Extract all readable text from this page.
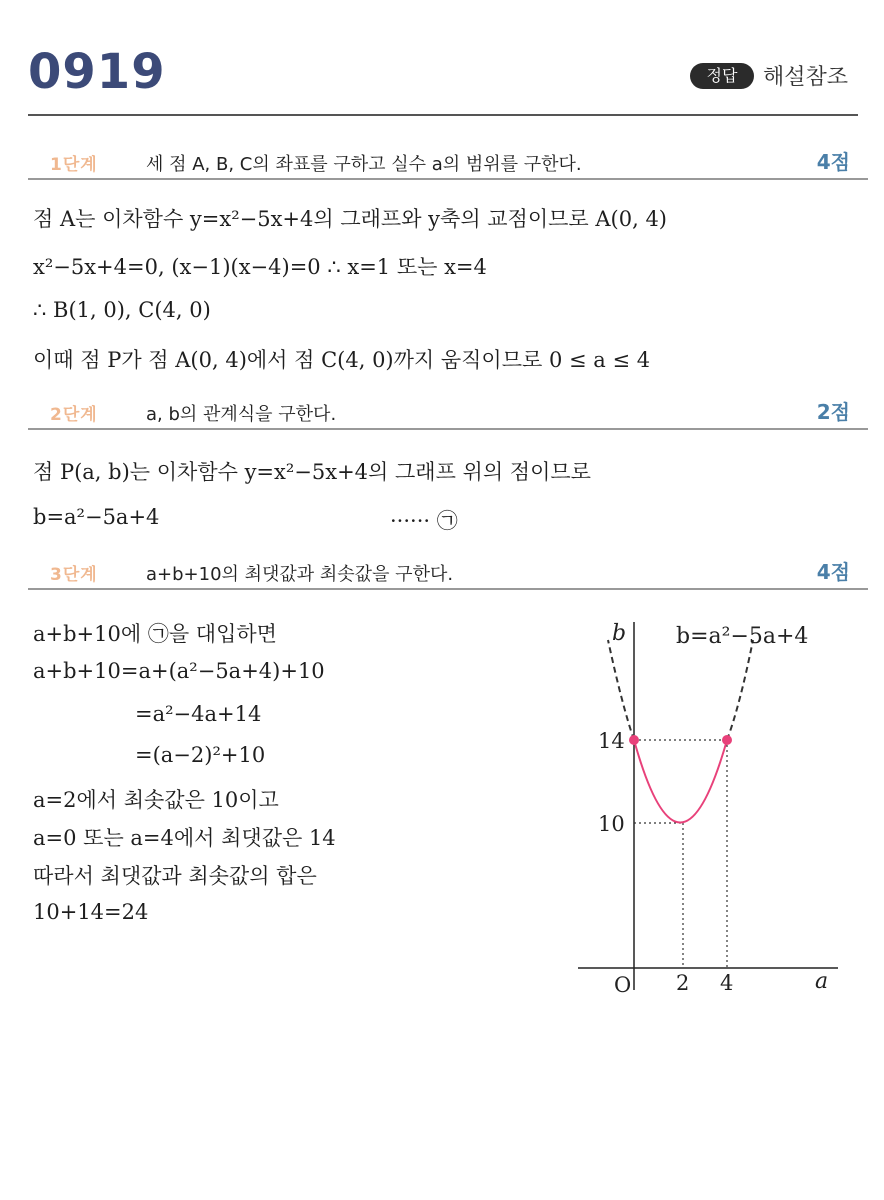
0919	정답	해설참조
1단계	세 점 A, B, C의 좌표를 구하고 실수 a의 범위를 구한다.	4점
점 A는 이차함수 y=x²−5x+4의 그래프와 y축의 교점이므로 A(0, 4)
x²−5x+4=0, (x−1)(x−4)=0 ∴ x=1 또는 x=4
∴ B(1, 0), C(4, 0)
이때 점 P가 점 A(0, 4)에서 점 C(4, 0)까지 움직이므로 0 ≤ a ≤ 4
2단계	a, b의 관계식을 구한다.	2점
점 P(a, b)는 이차함수 y=x²−5x+4의 그래프 위의 점이므로
b=a²−5a+4	······ ㉠
3단계	a+b+10의 최댓값과 최솟값을 구한다.	4점
a+b+10에 ㉠을 대입하면
a+b+10=a+(a²−5a+4)+10
=a²−4a+14
=(a−2)²+10
a=2에서 최솟값은 10이고
a=0 또는 a=4에서 최댓값은 14
따라서 최댓값과 최솟값의 합은
10+14=24
b
a
b=a²−5a+4
14
10
O 2 4
